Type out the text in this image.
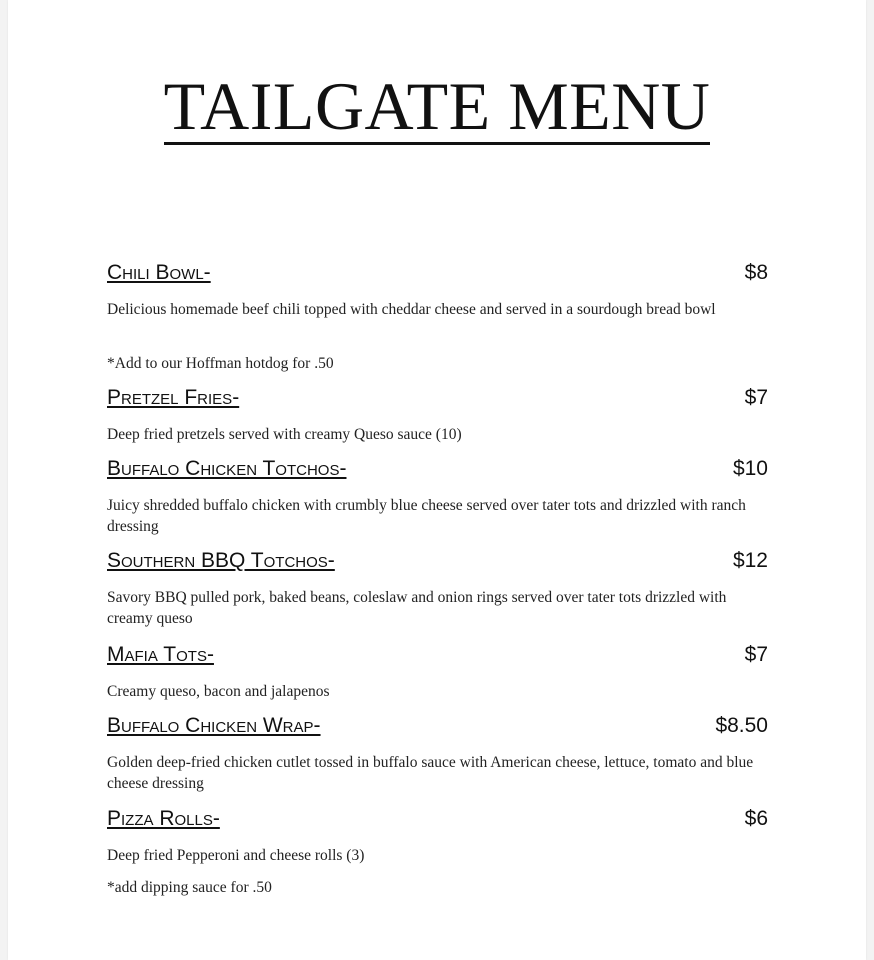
TAILGATE MENU
Chili Bowl-	$8

Delicious homemade beef chili topped with cheddar cheese and served in a sourdough bread bowl

*Add to our Hoffman hotdog for .50

Pretzel Fries-	$7

Deep fried pretzels served with creamy Queso sauce (10)

Buffalo Chicken Totchos-	$10

Juicy shredded buffalo chicken with crumbly blue cheese served over tater tots and drizzled with ranch dressing

Southern BBQ Totchos-	$12

Savory BBQ pulled pork, baked beans, coleslaw and onion rings served over tater tots drizzled with creamy queso

Mafia Tots-	$7

Creamy queso, bacon and jalapenos

Buffalo Chicken Wrap-	$8.50

Golden deep-fried chicken cutlet tossed in buffalo sauce with American cheese, lettuce, tomato and blue cheese dressing

Pizza Rolls-	$6

Deep fried Pepperoni and cheese rolls (3)

*add dipping sauce for .50
